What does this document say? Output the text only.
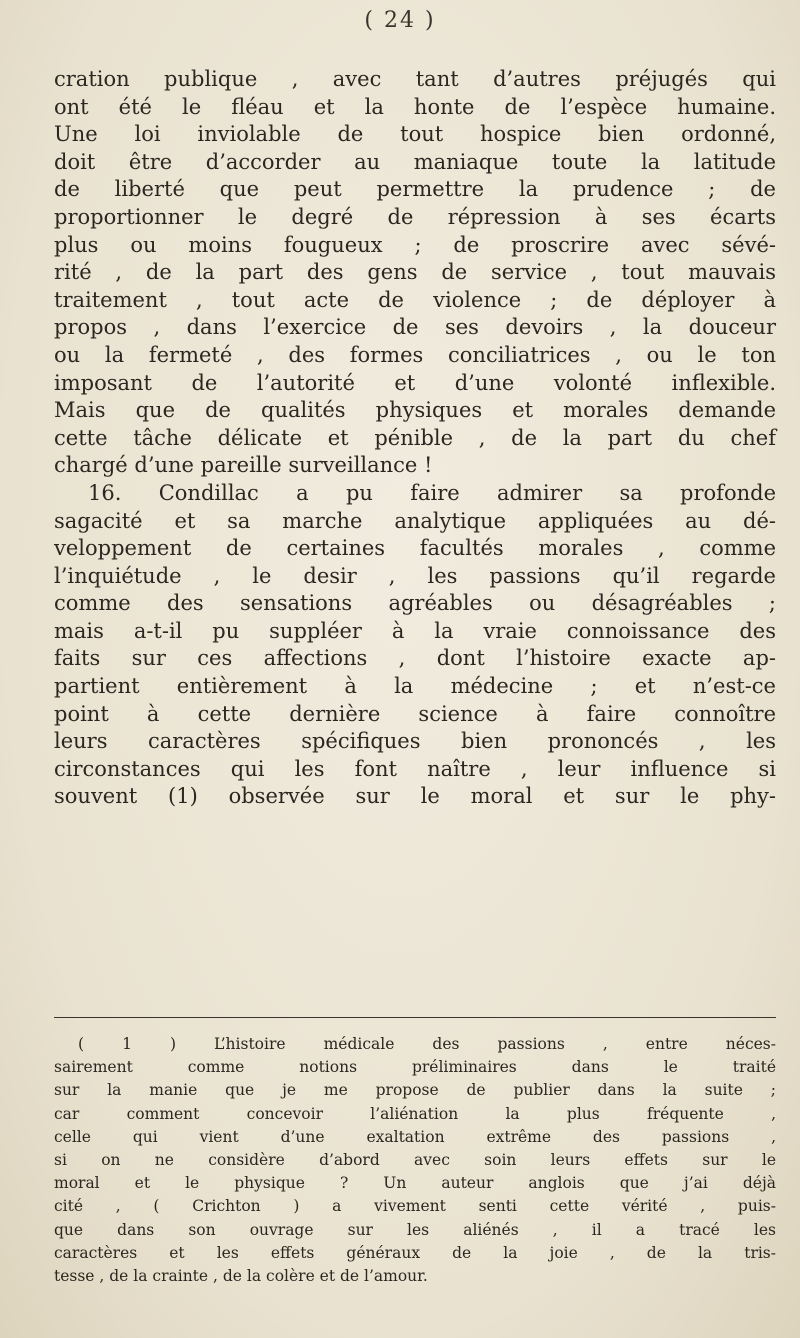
( 24 )
cration publique , avec tant d’autres préjugés qui
ont été le fléau et la honte de l’espèce humaine.
Une loi inviolable de tout hospice bien ordonné,
doit être d’accorder au maniaque toute la latitude
de liberté que peut permettre la prudence ; de
proportionner le degré de répression à ses écarts
plus ou moins fougueux ; de proscrire avec sévé-
rité , de la part des gens de service , tout mauvais
traitement , tout acte de violence ; de déployer à
propos , dans l’exercice de ses devoirs , la douceur
ou la fermeté , des formes conciliatrices , ou le ton
imposant de l’autorité et d’une volonté inflexible.
Mais que de qualités physiques et morales demande
cette tâche délicate et pénible , de la part du chef
chargé d’une pareille surveillance !
16. Condillac a pu faire admirer sa profonde
sagacité et sa marche analytique appliquées au dé-
veloppement de certaines facultés morales , comme
l’inquiétude , le desir , les passions qu’il regarde
comme des sensations agréables ou désagréables ;
mais a-t-il pu suppléer à la vraie connoissance des
faits sur ces affections , dont l’histoire exacte ap-
partient entièrement à la médecine ; et n’est-ce
point à cette dernière science à faire connoître
leurs caractères spécifiques bien prononcés , les
circonstances qui les font naître , leur influence si
souvent (1) observée sur le moral et sur le phy-
( 1 ) L’histoire médicale des passions , entre néces-
sairement comme notions préliminaires dans le traité
sur la manie que je me propose de publier dans la suite ;
car comment concevoir l’aliénation la plus fréquente ,
celle qui vient d’une exaltation extrême des passions ,
si on ne considère d’abord avec soin leurs effets sur le
moral et le physique ? Un auteur anglois que j’ai déjà
cité , ( Crichton ) a vivement senti cette vérité , puis-
que dans son ouvrage sur les aliénés , il a tracé les
caractères et les effets généraux de la joie , de la tris-
tesse , de la crainte , de la colère et de l’amour.
